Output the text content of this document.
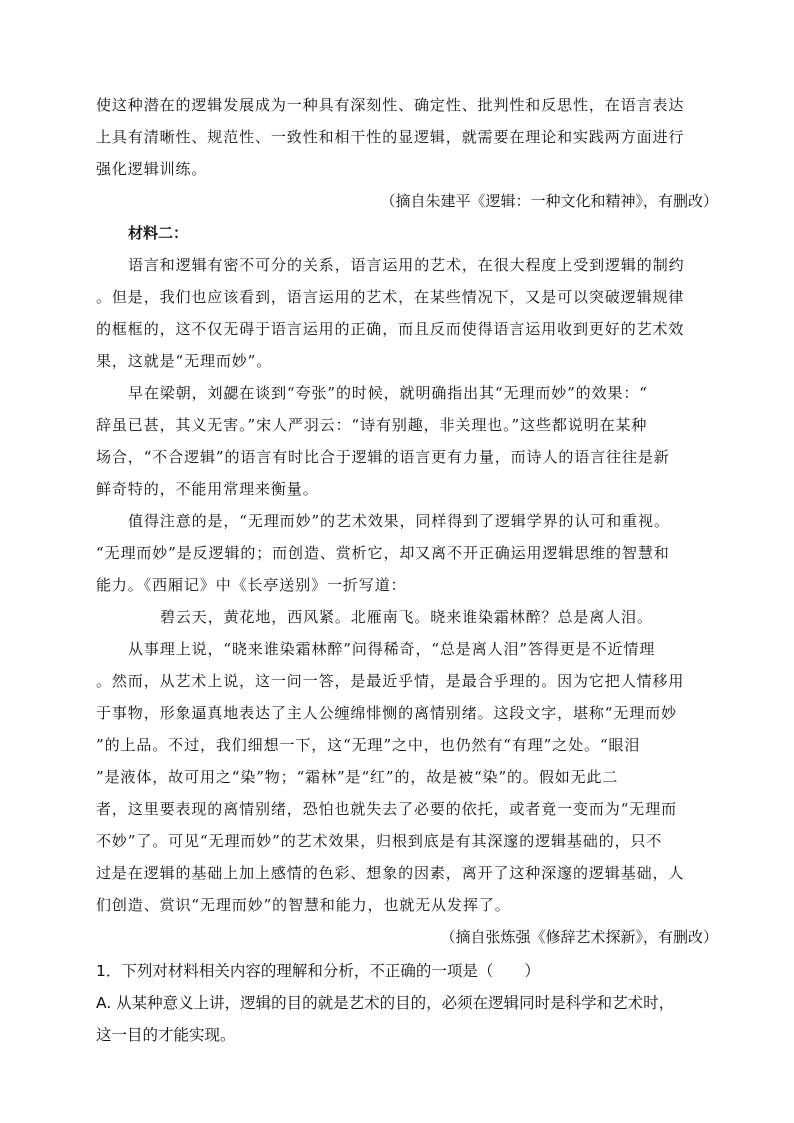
使这种潜在的逻辑发展成为一种具有深刻性、确定性、批判性和反思性，在语言表达
上具有清晰性、规范性、一致性和相干性的显逻辑，就需要在理论和实践两方面进行
强化逻辑训练。
（摘自朱建平《逻辑：一种文化和精神》，有删改）
材料二：
语言和逻辑有密不可分的关系，语言运用的艺术，在很大程度上受到逻辑的制约
。但是，我们也应该看到，语言运用的艺术，在某些情况下，又是可以突破逻辑规律
的框框的，这不仅无碍于语言运用的正确，而且反而使得语言运用收到更好的艺术效
果，这就是“无理而妙”。
早在梁朝，刘勰在谈到“夸张”的时候，就明确指出其“无理而妙”的效果：“
辞虽已甚，其义无害。”宋人严羽云：“诗有别趣，非关理也。”这些都说明在某种
场合，“不合逻辑”的语言有时比合于逻辑的语言更有力量，而诗人的语言往往是新
鲜奇特的，不能用常理来衡量。
值得注意的是，“无理而妙”的艺术效果，同样得到了逻辑学界的认可和重视。
“无理而妙”是反逻辑的；而创造、赏析它，却又离不开正确运用逻辑思维的智慧和
能力。《西厢记》中《长亭送别》一折写道：
碧云天，黄花地，西风紧。北雁南飞。晓来谁染霜林醉？总是离人泪。
从事理上说，“晓来谁染霜林醉”问得稀奇，“总是离人泪”答得更是不近情理
。然而，从艺术上说，这一问一答，是最近乎情，是最合乎理的。因为它把人情移用
于事物，形象逼真地表达了主人公缠绵悱恻的离情别绪。这段文字，堪称“无理而妙
”的上品。不过，我们细想一下，这“无理”之中，也仍然有“有理”之处。“眼泪
”是液体，故可用之“染”物；“霜林”是“红”的，故是被“染”的。假如无此二
者，这里要表现的离情别绪，恐怕也就失去了必要的依托，或者竟一变而为“无理而
不妙”了。可见“无理而妙”的艺术效果，归根到底是有其深邃的逻辑基础的，只不
过是在逻辑的基础上加上感情的色彩、想象的因素，离开了这种深邃的逻辑基础，人
们创造、赏识“无理而妙”的智慧和能力，也就无从发挥了。
（摘自张炼强《修辞艺术探新》，有删改）
1．下列对材料相关内容的理解和分析，不正确的一项是（　　）
A. 从某种意义上讲，逻辑的目的就是艺术的目的，必须在逻辑同时是科学和艺术时，
这一目的才能实现。
